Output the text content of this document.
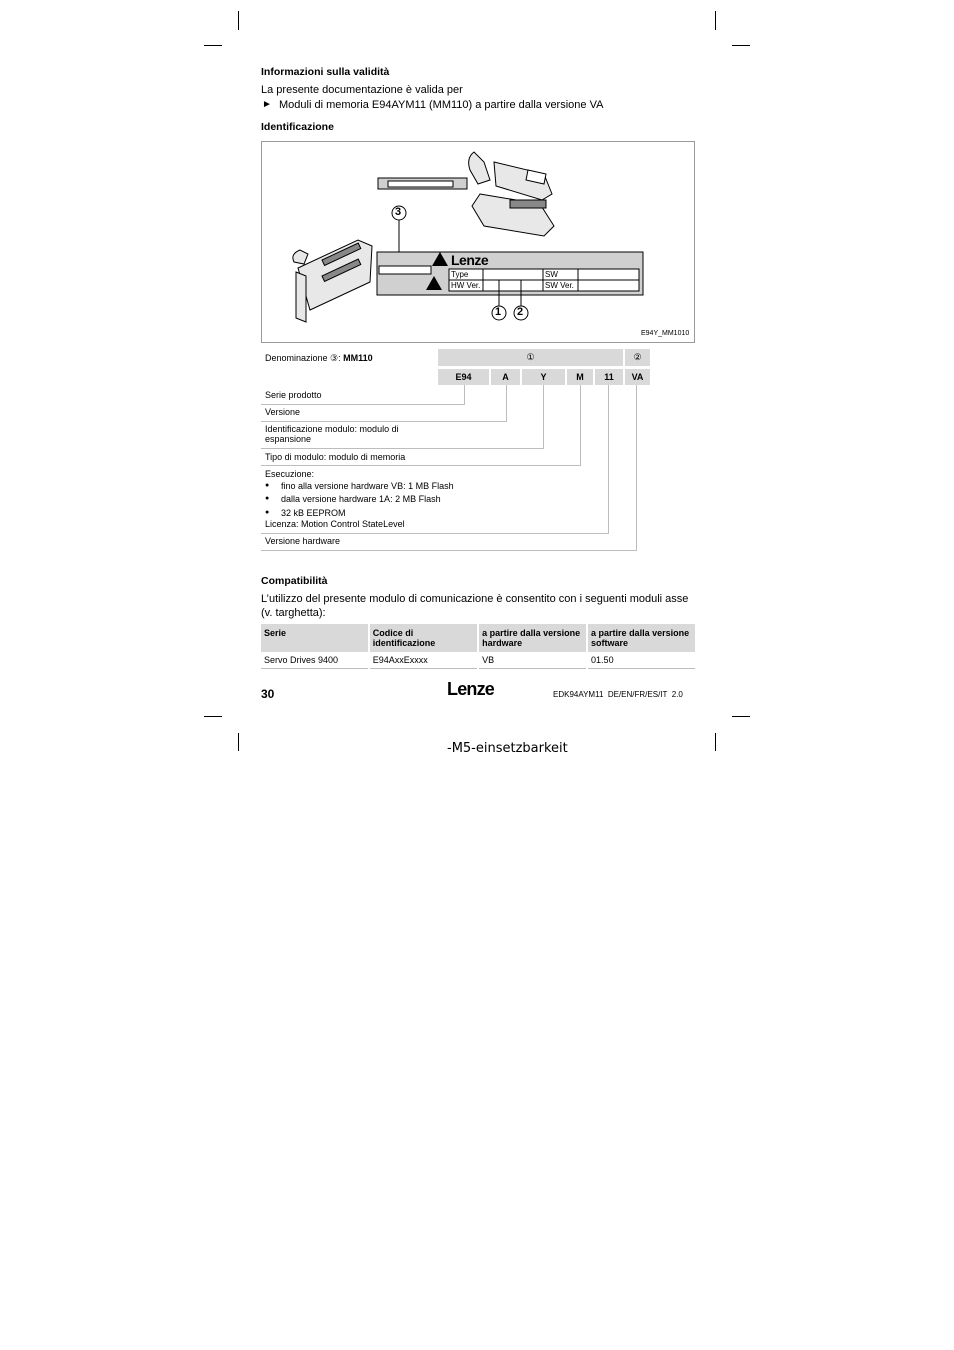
Informazioni sulla validità
La presente documentazione è valida per
► Moduli di memoria E94AYM11 (MM110) a partire dalla versione VA
Identificazione
3
1 2
Lenze
Type
HW Ver.
SW
SW Ver.
E94Y_MM1010
Denominazione ③: MM110	①	②
E94	A	Y	M	11	VA
Serie prodotto
Versione
Identificazione modulo: modulo di espansione
Tipo di modulo: modulo di memoria
Esecuzione:
● fino alla versione hardware VB: 1 MB Flash
● dalla versione hardware 1A: 2 MB Flash
● 32 kB EEPROM
Licenza: Motion Control StateLevel
Versione hardware
Compatibilità
L’utilizzo del presente modulo di comunicazione è consentito con i seguenti moduli asse (v. targhetta):
Serie	Codice di identificazione	a partire dalla versione hardware	a partire dalla versione software
Servo Drives 9400	E94AxxExxxx	VB	01.50
30	Lenze	EDK94AYM11  DE/EN/FR/ES/IT  2.0
-M5-einsetzbarkeit
